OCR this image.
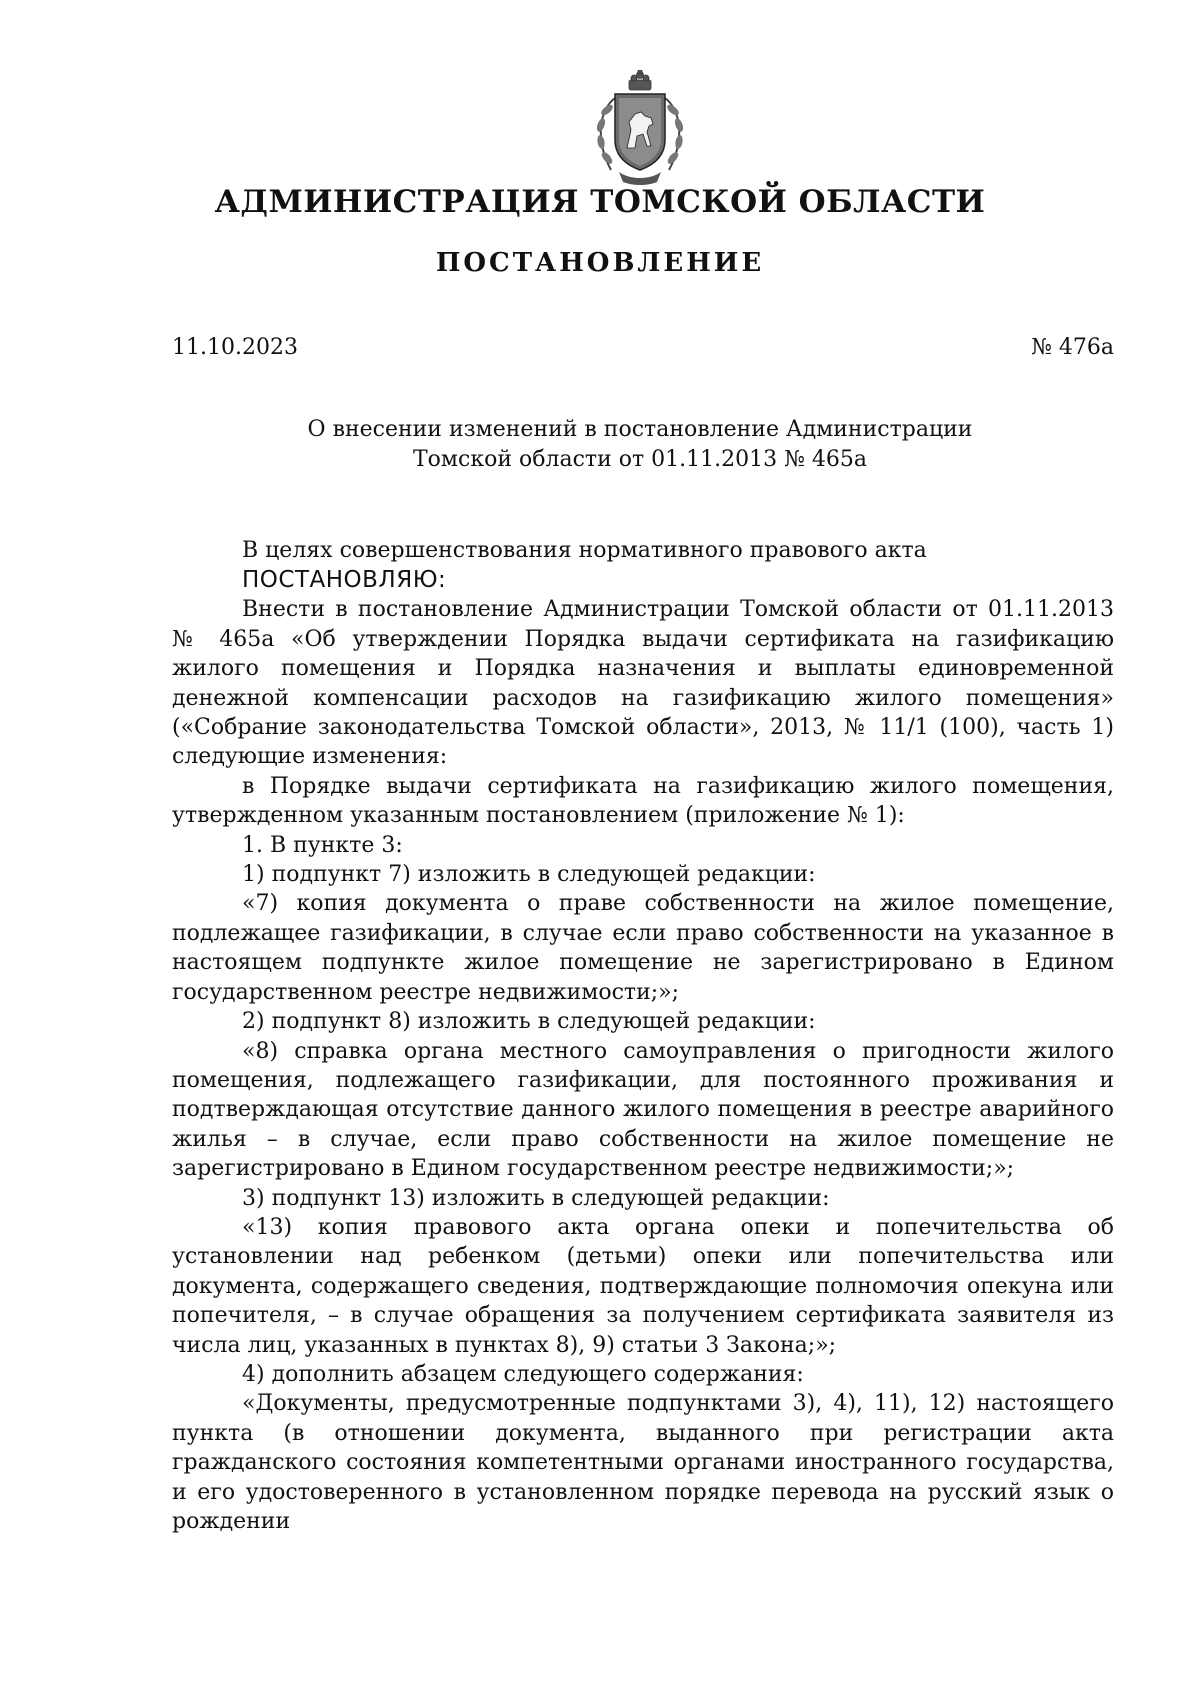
АДМИНИСТРАЦИЯ ТОМСКОЙ ОБЛАСТИ
ПОСТАНОВЛЕНИЕ
11.10.2023	№ 476а
О внесении изменений в постановление Администрации
Томской области от 01.11.2013 № 465а

В целях совершенствования нормативного правового акта

ПОСТАНОВЛЯЮ:

Внести в постановление Администрации Томской области от 01.11.2013 № 465а «Об утверждении Порядка выдачи сертификата на газификацию жилого помещения и Порядка назначения и выплаты единовременной денежной компенсации расходов на газификацию жилого помещения» («Собрание законодательства Томской области», 2013, № 11/1 (100), часть 1) следующие изменения:

в Порядке выдачи сертификата на газификацию жилого помещения, утвержденном указанным постановлением (приложение № 1):

1. В пункте 3:

1) подпункт 7) изложить в следующей редакции:

«7) копия документа о праве собственности на жилое помещение, подлежащее газификации, в случае если право собственности на указанное в настоящем подпункте жилое помещение не зарегистрировано в Едином государственном реестре недвижимости;»;

2) подпункт 8) изложить в следующей редакции:

«8) справка органа местного самоуправления о пригодности жилого помещения, подлежащего газификации, для постоянного проживания и подтверждающая отсутствие данного жилого помещения в реестре аварийного жилья – в случае, если право собственности на жилое помещение не зарегистрировано в Едином государственном реестре недвижимости;»;

3) подпункт 13) изложить в следующей редакции:

«13) копия правового акта органа опеки и попечительства об установлении над ребенком (детьми) опеки или попечительства или документа, содержащего сведения, подтверждающие полномочия опекуна или попечителя, – в случае обращения за получением сертификата заявителя из числа лиц, указанных в пунктах 8), 9) статьи 3 Закона;»;

4) дополнить абзацем следующего содержания:

«Документы, предусмотренные подпунктами 3), 4), 11), 12) настоящего пункта (в отношении документа, выданного при регистрации акта гражданского состояния компетентными органами иностранного государства, и его удостоверенного в установленном порядке перевода на русский язык о рождении
